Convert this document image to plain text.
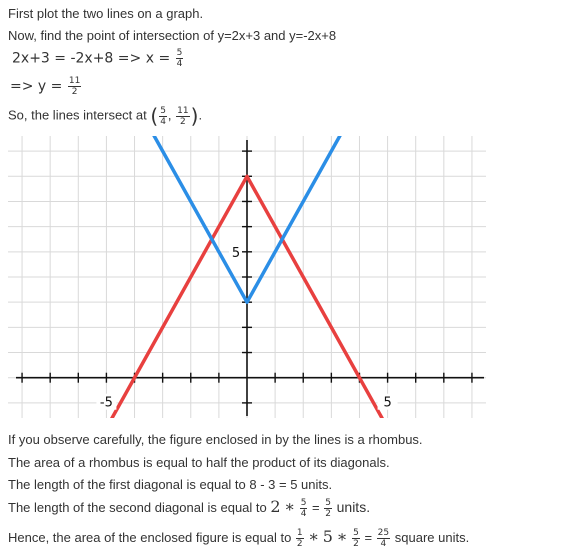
First plot the two lines on a graph.
Now, find the point of intersection of y=2x+3 and y=-2x+8
$2x+3 = -2x+8 => x = \frac{5}{4}$
=> $y = \frac{11}{2}$
So, the lines intersect at ( $\frac{5}{4}$ , $\frac{11}{2}$ ).
-5	5
5
If you observe carefully, the figure enclosed in by the lines is a rhombus.
The area of a rhombus is equal to half the product of its diagonals.
The length of the first diagonal is equal to 8 - 3 = 5 units.
The length of the second diagonal is equal to 2 ∗ $\frac{5}{4} = \frac{5}{2}$ units.
Hence, the area of the enclosed figure is equal to $\frac{1}{2}$ ∗ 5 ∗ $\frac{5}{2} = \frac{25}{4}$ square units.
